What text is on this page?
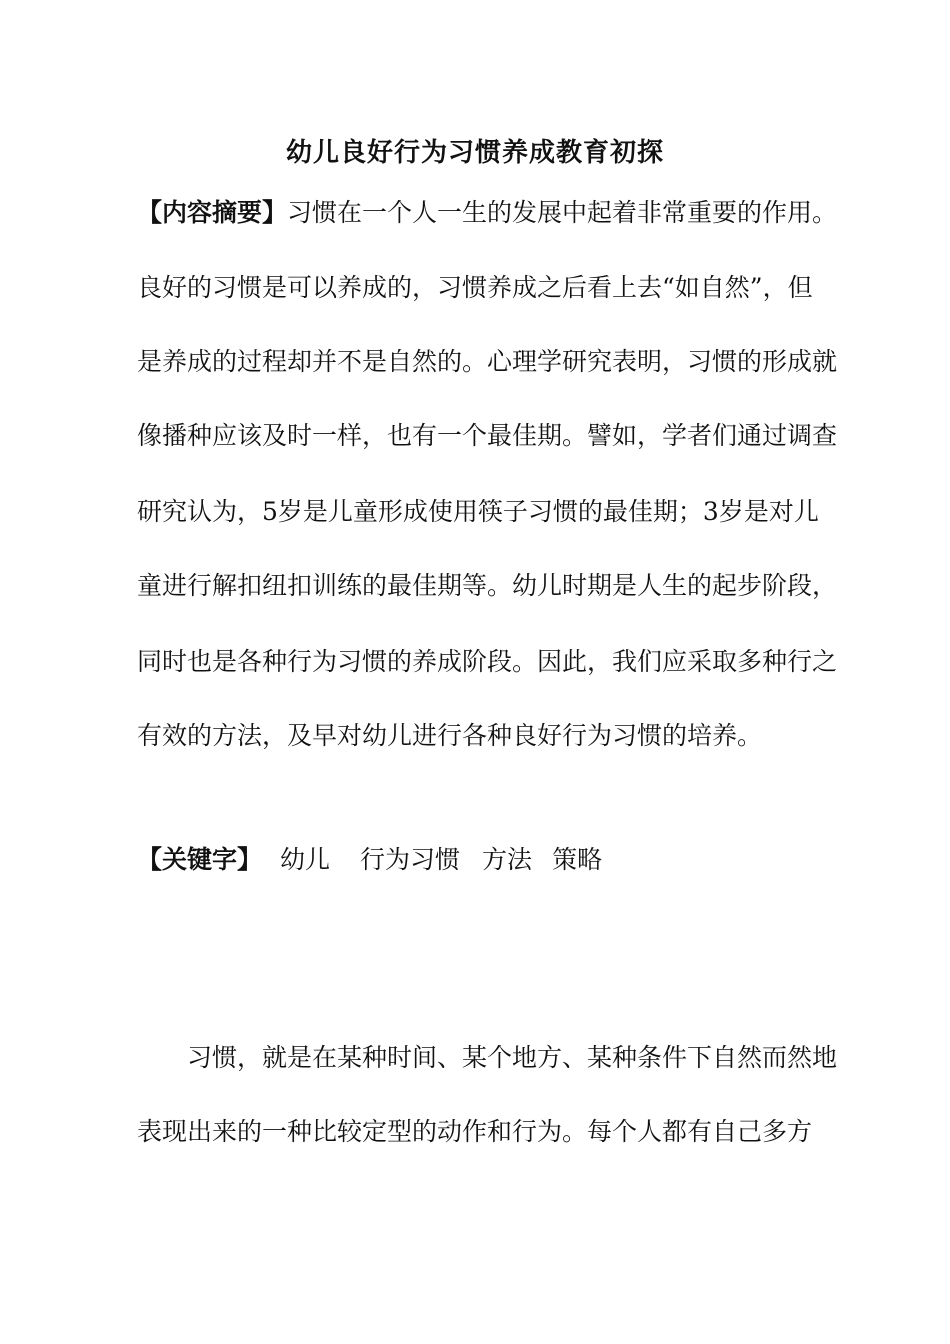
幼儿良好行为习惯养成教育初探
【内容摘要】习惯在一个人一生的发展中起着非常重要的作用。
良好的习惯是可以养成的，习惯养成之后看上去“如自然”，但
是养成的过程却并不是自然的。心理学研究表明，习惯的形成就
像播种应该及时一样，也有一个最佳期。譬如，学者们通过调查
研究认为，5岁是儿童形成使用筷子习惯的最佳期；3岁是对儿
童进行解扣纽扣训练的最佳期等。幼儿时期是人生的起步阶段，
同时也是各种行为习惯的养成阶段。因此，我们应采取多种行之
有效的方法，及早对幼儿进行各种良好行为习惯的培养。
【关键字】 幼儿 行为习惯 方法 策略
习惯，就是在某种时间、某个地方、某种条件下自然而然地
表现出来的一种比较定型的动作和行为。每个人都有自己多方
